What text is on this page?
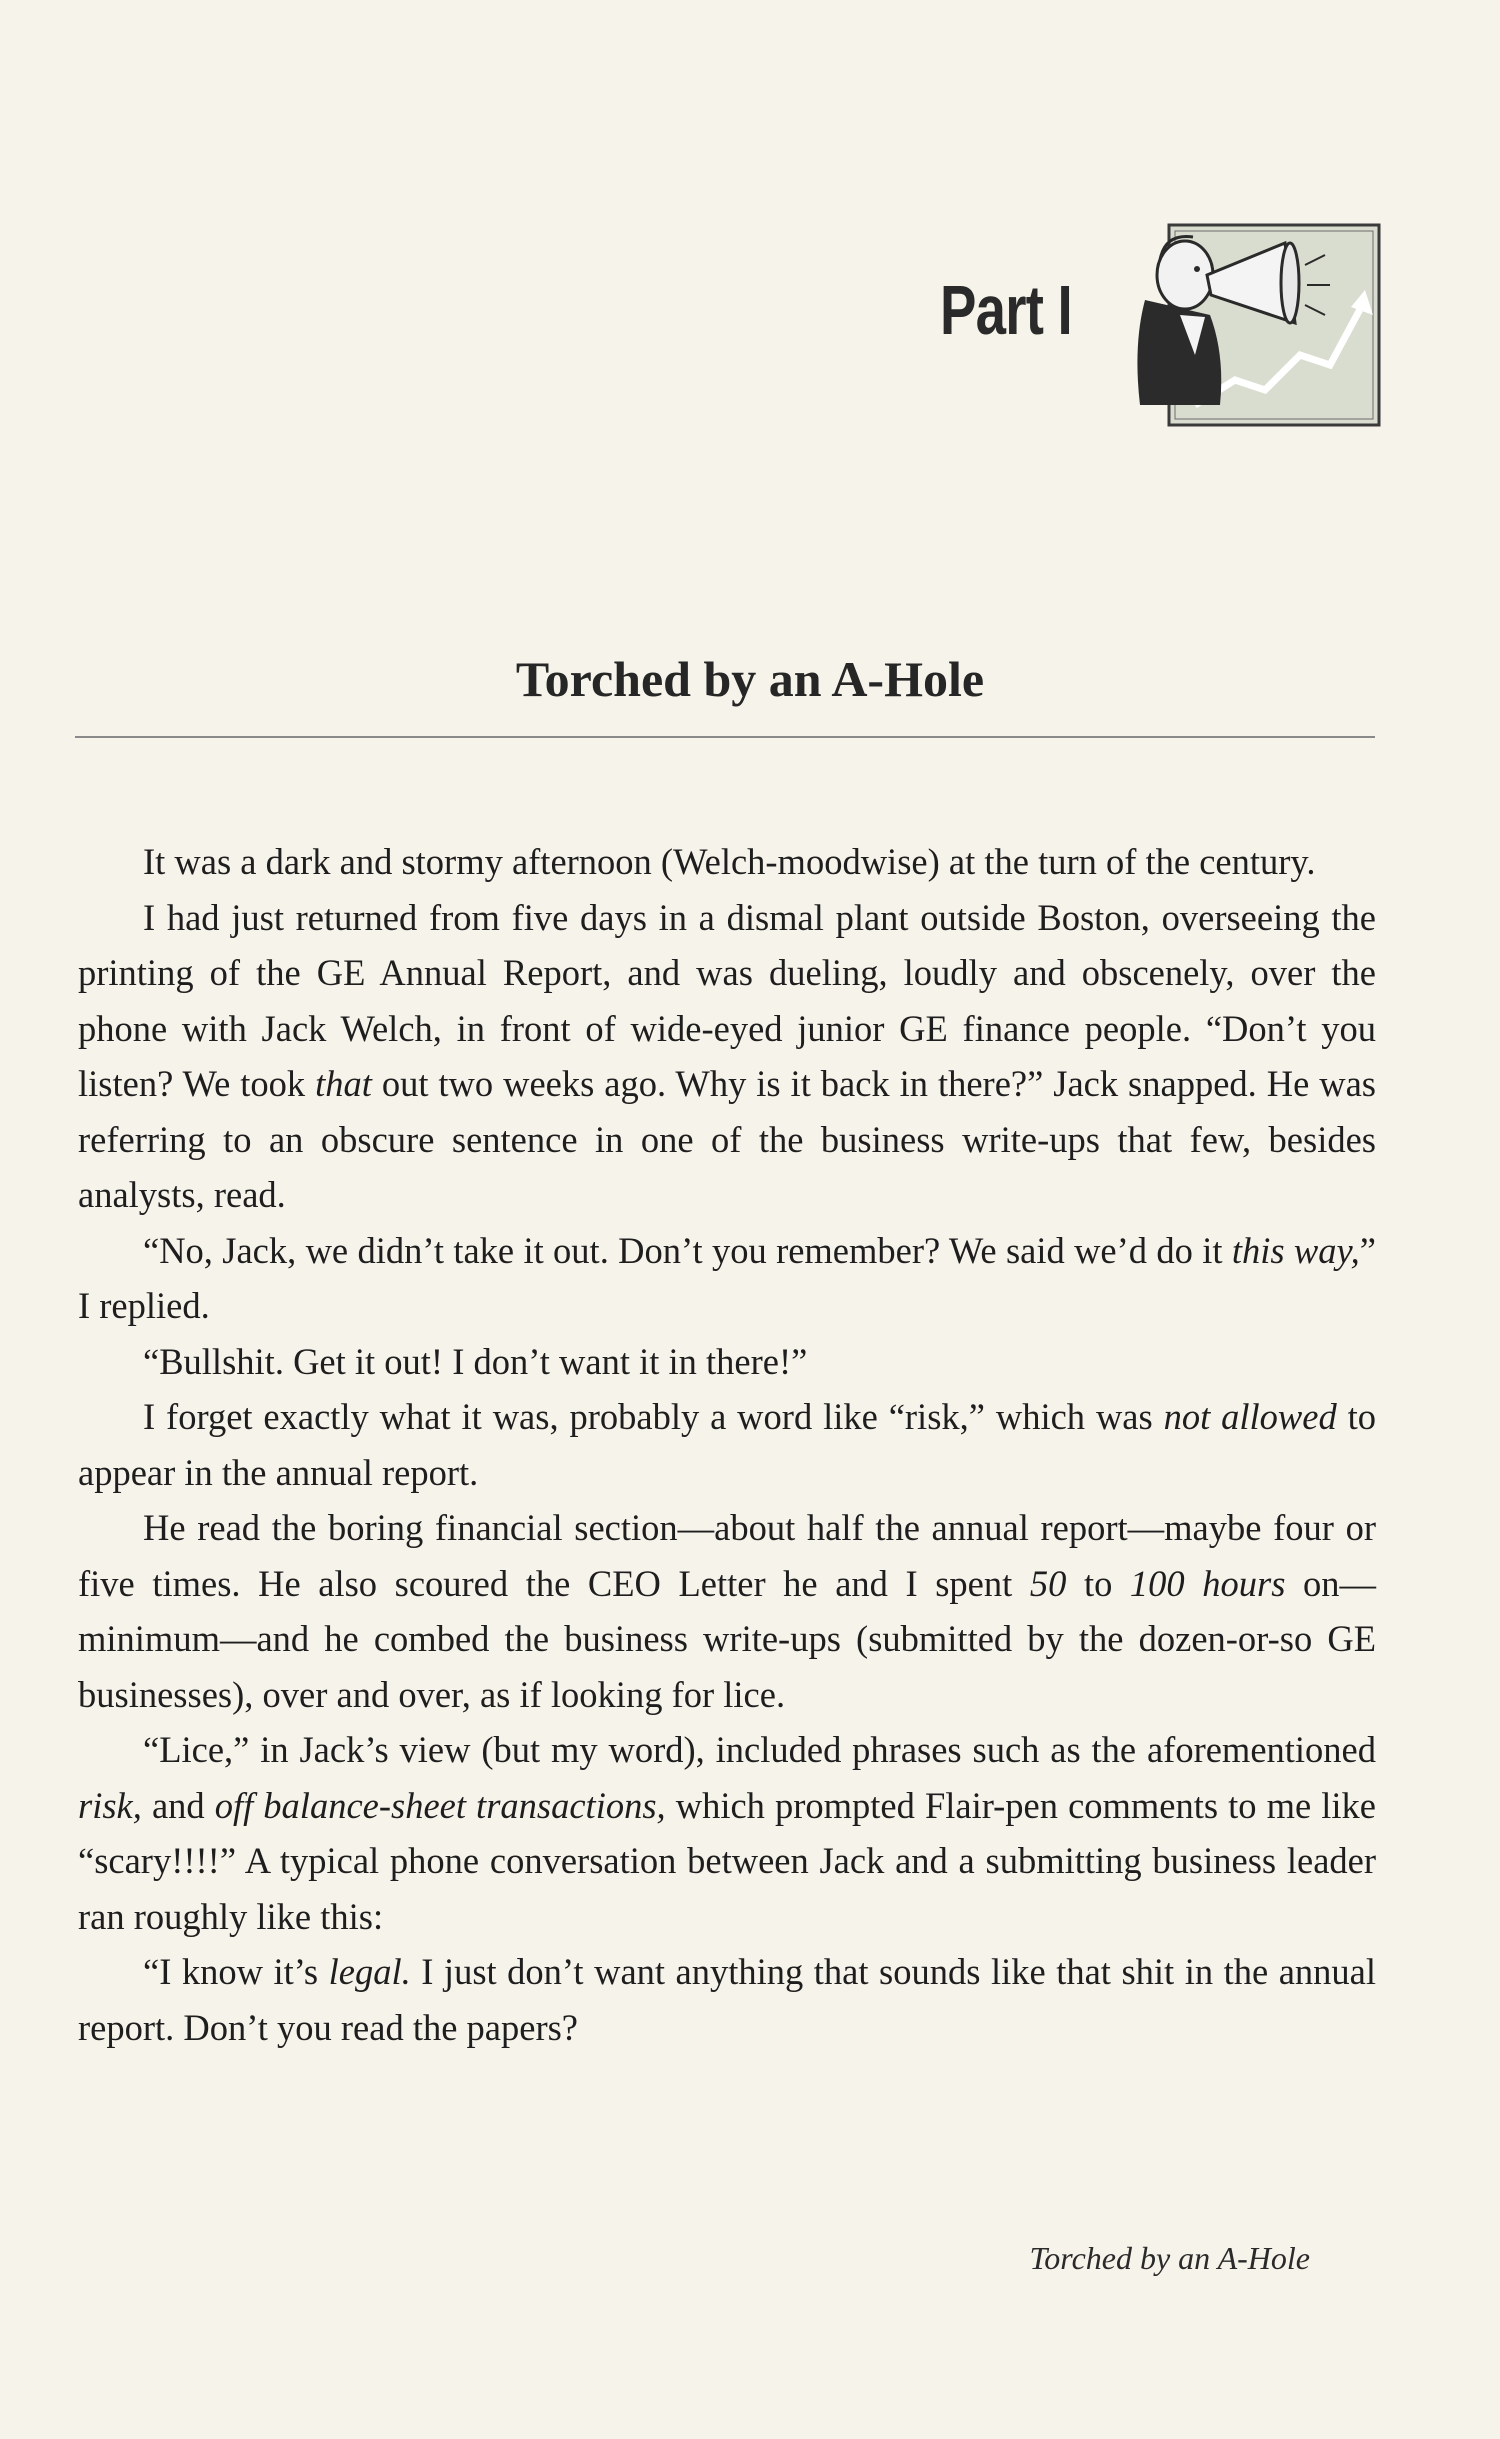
Part I
Torched by an A-Hole

It was a dark and stormy afternoon (Welch-moodwise) at the turn of the century.

I had just returned from five days in a dismal plant outside Boston, overseeing the printing of the GE Annual Report, and was dueling, loudly and obscenely, over the phone with Jack Welch, in front of wide-eyed junior GE finance people. “Don’t you listen? We took that out two weeks ago. Why is it back in there?” Jack snapped. He was referring to an obscure sentence in one of the business write-ups that few, besides analysts, read.

“No, Jack, we didn’t take it out. Don’t you remember? We said we’d do it this way,” I replied.

“Bullshit. Get it out! I don’t want it in there!”

I forget exactly what it was, probably a word like “risk,” which was not allowed to appear in the annual report.

He read the boring financial section—about half the annual report—maybe four or five times. He also scoured the CEO Letter he and I spent 50 to 100 hours on—minimum—and he combed the business write-ups (submitted by the dozen-or-so GE businesses), over and over, as if looking for lice.

“Lice,” in Jack’s view (but my word), included phrases such as the aforementioned risk, and off balance-sheet transactions, which prompted Flair-pen comments to me like “scary!!!!” A typical phone conversation between Jack and a submitting business leader ran roughly like this:

“I know it’s legal. I just don’t want anything that sounds like that shit in the annual report. Don’t you read the papers?

Torched by an A-Hole
